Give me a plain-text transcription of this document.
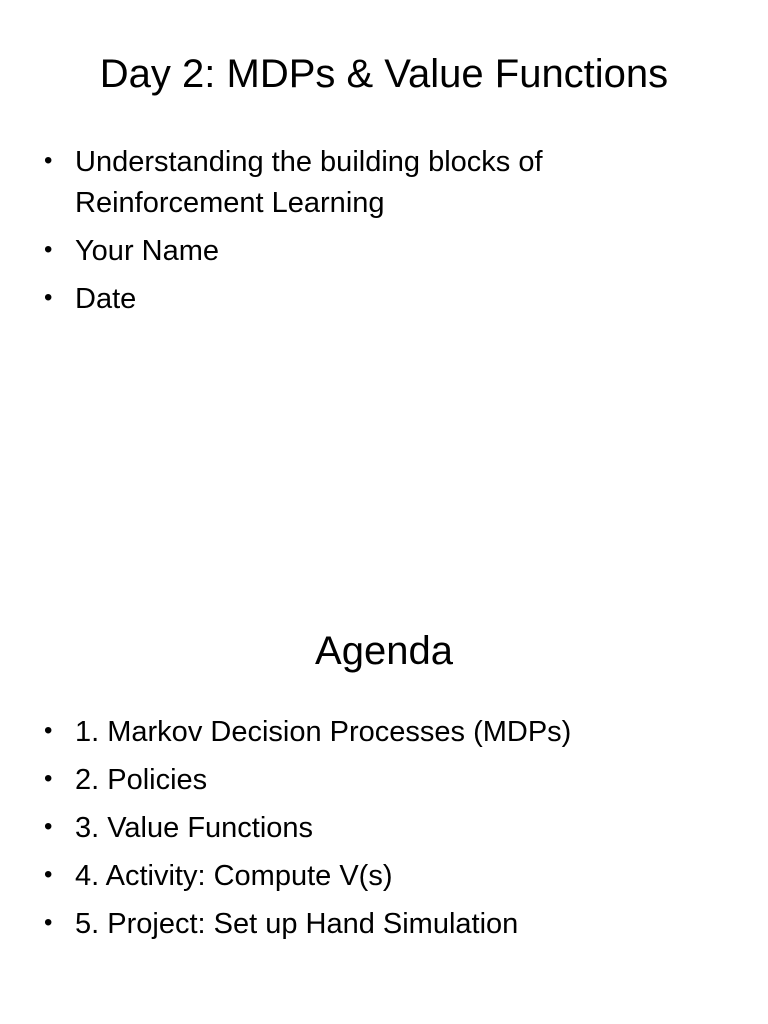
Day 2: MDPs & Value Functions
• Understanding the building blocks of Reinforcement Learning
• Your Name
• Date
Agenda
• 1. Markov Decision Processes (MDPs)
• 2. Policies
• 3. Value Functions
• 4. Activity: Compute V(s)
• 5. Project: Set up Hand Simulation
